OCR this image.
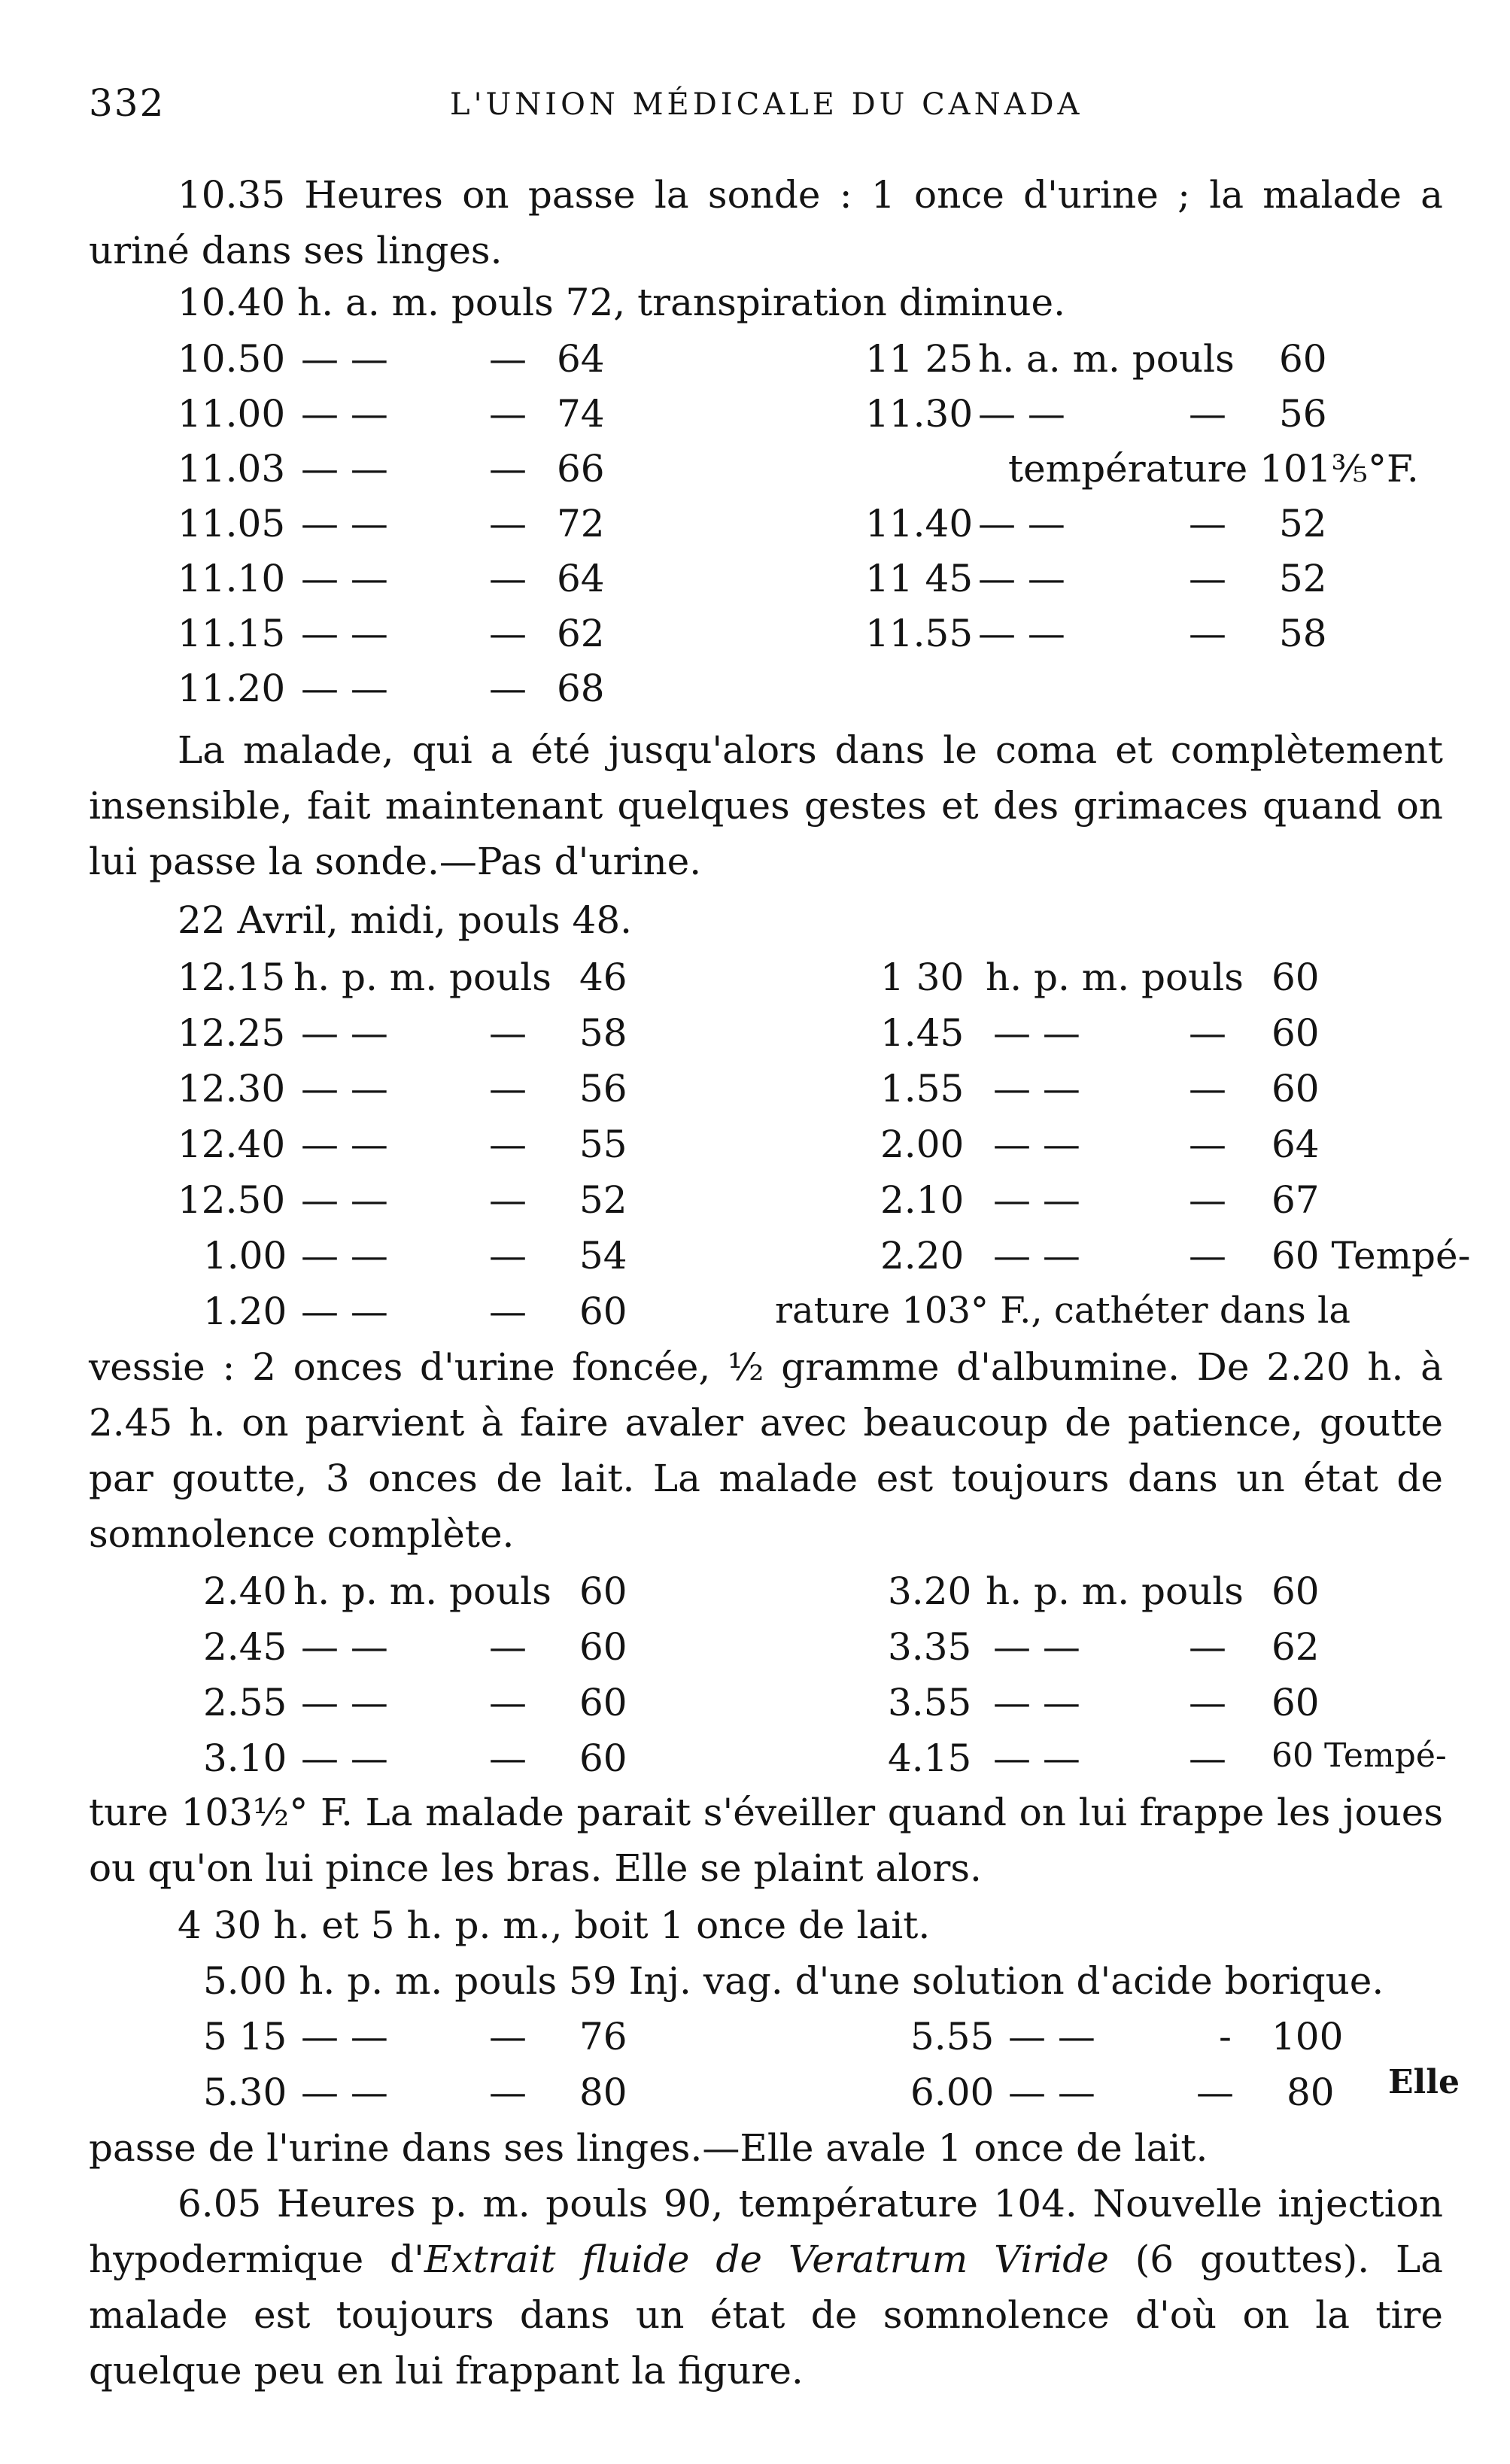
332	L'UNION MÉDICALE DU CANADA
10.35 Heures on passe la sonde : 1 once d'urine ; la malade a uriné dans ses linges.
10.40 h. a. m. pouls 72, transpiration diminue.
10.50 — —	— 64
11.00 — —	— 74
11.03 — —	— 66
11.05 — —	— 72
11.10 — —	— 64
11.15 — —	— 62
11.20 — —	— 68
11 25 h. a. m. pouls 60
11.30 — —	— 56
température 101⅗°F.
11.40 — —	— 52
11 45 — —	— 52
11.55 — —	— 58
La malade, qui a été jusqu'alors dans le coma et complètement insensible, fait maintenant quelques gestes et des grimaces quand on lui passe la sonde.—Pas d'urine.
22 Avril, midi, pouls 48.
12.15 h. p. m. pouls 46
12.25 — —	— 58
12.30 — —	— 56
12.40 — —	— 55
12.50 — —	— 52
1.00 — —	— 54
1.20 — —	— 60
1 30 h. p. m. pouls 60
1.45 — —	— 60
1.55 — —	— 60
2.00 — —	— 64
2.10 — —	— 67
2.20 — —	— 60 Tempé-
rature 103° F., cathéter dans la
vessie : 2 onces d'urine foncée, ½ gramme d'albumine. De 2.20 h. à 2.45 h. on parvient à faire avaler avec beaucoup de patience, goutte par goutte, 3 onces de lait. La malade est toujours dans un état de somnolence complète.
2.40 h. p. m. pouls 60
2.45 — —	— 60
2.55 — —	— 60
3.10 — —	— 60
3.20 h. p. m. pouls 60
3.35 — —	— 62
3.55 — —	— 60
4.15 — —	— 60 Tempé-
ture 103½° F. La malade parait s'éveiller quand on lui frappe les joues ou qu'on lui pince les bras. Elle se plaint alors.
4 30 h. et 5 h. p. m., boit 1 once de lait.
5.00 h. p. m. pouls 59 Inj. vag. d'une solution d'acide borique.
5 15 — —	— 76
5.30 — —	— 80
5.55 — —	- 100
6.00 — —	— 80 Elle
passe de l'urine dans ses linges.—Elle avale 1 once de lait.
6.05 Heures p. m. pouls 90, température 104. Nouvelle injection hypodermique d'Extrait fluide de Veratrum Viride (6 gouttes). La malade est toujours dans un état de somnolence d'où on la tire quelque peu en lui frappant la figure.
